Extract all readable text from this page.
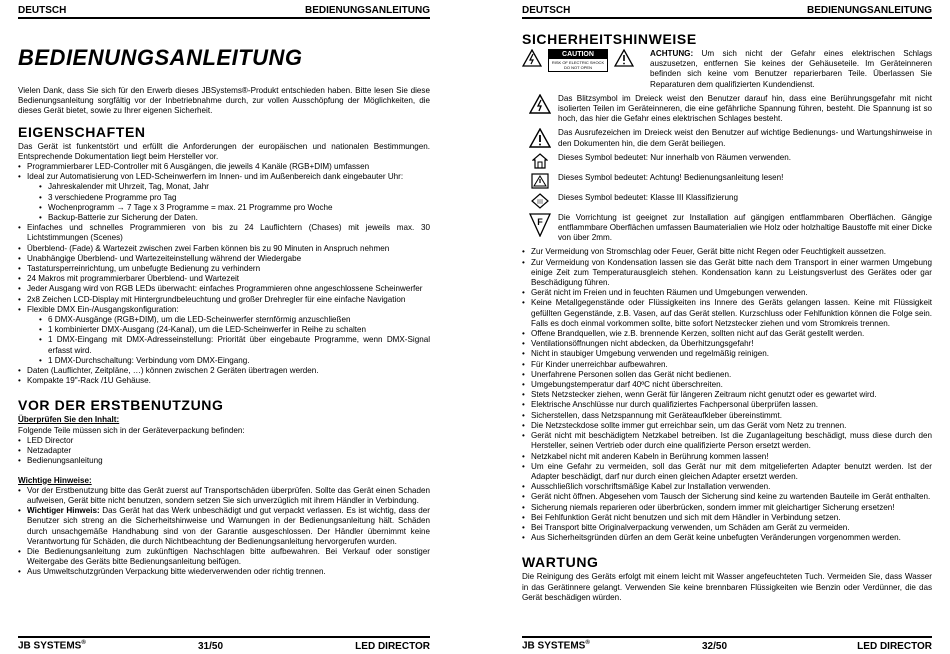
DEUTSCH	BEDIENUNGSANLEITUNG
BEDIENUNGSANLEITUNG

Vielen Dank, dass Sie sich für den Erwerb dieses JBSystems®-Produkt entschieden haben. Bitte lesen Sie diese Bedienungsanleitung sorgfältig vor der Inbetriebnahme durch, zur vollen Ausschöpfung der Möglichkeiten, die dieses Gerät bietet, sowie zu Ihrer eigenen Sicherheit.

EIGENSCHAFTEN

Das Gerät ist funkentstört und erfüllt die Anforderungen der europäischen und nationalen Bestimmungen. Entsprechende Dokumentation liegt beim Hersteller vor.

• Programmierbarer LED-Controller mit 6 Ausgängen, die jeweils 4 Kanäle (RGB+DIM) umfassen
• Ideal zur Automatisierung von LED-Scheinwerfern im Innen- und im Außenbereich dank eingebauter Uhr:
• Jahreskalender mit Uhrzeit, Tag, Monat, Jahr
• 3 verschiedene Programme pro Tag
• Wochenprogramm → 7 Tage x 3 Programme = max. 21 Programme pro Woche
• Backup-Batterie zur Sicherung der Daten.
• Einfaches und schnelles Programmieren von bis zu 24 Lauflichtern (Chases) mit jeweils max. 30 Lichtstimmungen (Scenes)
• Überblend- (Fade) & Wartezeit zwischen zwei Farben können bis zu 90 Minuten in Anspruch nehmen
• Unabhängige Überblend- und Wartezeiteinstellung während der Wiedergabe
• Tastatursperreinrichtung, um unbefugte Bedienung zu verhindern
• 24 Makros mit programmierbarer Überblend- und Wartezeit
• Jeder Ausgang wird von RGB LEDs überwacht: einfaches Programmieren ohne angeschlossene Scheinwerfer
• 2x8 Zeichen LCD-Display mit Hintergrundbeleuchtung und großer Drehregler für eine einfache Navigation
• Flexible DMX Ein-/Ausgangskonfiguration:
• 6 DMX-Ausgänge (RGB+DIM), um die LED-Scheinwerfer sternförmig anzuschließen
• 1 kombinierter DMX-Ausgang (24-Kanal), um die LED-Scheinwerfer in Reihe zu schalten
• 1 DMX-Eingang mit DMX-Adresseinstellung: Priorität über eingebaute Programme, wenn DMX-Signal erfasst wird.
• 1 DMX-Durchschaltung: Verbindung vom DMX-Eingang.
• Daten (Lauflichter, Zeitpläne, …) können zwischen 2 Geräten übertragen werden.
• Kompakte 19"-Rack /1U Gehäuse.
VOR DER ERSTBENUTZUNG
Überprüfen Sie den Inhalt:

Folgende Teile müssen sich in der Geräteverpackung befinden:

• LED Director
• Netzadapter
• Bedienungsanleitung
Wichtige Hinweise:
• Vor der Erstbenutzung bitte das Gerät zuerst auf Transportschäden überprüfen. Sollte das Gerät einen Schaden aufweisen, Gerät bitte nicht benutzen, sondern setzen Sie sich unverzüglich mit ihrem Händler in Verbindung.
• Wichtiger Hinweis: Das Gerät hat das Werk unbeschädigt und gut verpackt verlassen. Es ist wichtig, dass der Benutzer sich streng an die Sicherheitshinweise und Warnungen in der Bedienungsanleitung hält. Schäden durch unsachgemäße Handhabung sind von der Garantie ausgeschlossen. Der Händler übernimmt keine Verantwortung für Schäden, die durch Nichtbeachtung der Bedienungsanleitung hervorgerufen wurden.
• Die Bedienungsanleitung zum zukünftigen Nachschlagen bitte aufbewahren. Bei Verkauf oder sonstiger Weitergabe des Geräts bitte Bedienungsanleitung beifügen.
• Aus Umweltschutzgründen Verpackung bitte wiederverwenden oder richtig trennen.
JB SYSTEMS®	31/50	LED DIRECTOR
DEUTSCH	BEDIENUNGSANLEITUNG
SICHERHEITSHINWEISE
CAUTION
RISK OF ELECTRIC SHOCK DO NOT OPEN
ACHTUNG: Um sich nicht der Gefahr eines elektrischen Schlags auszusetzen, entfernen Sie keines der Gehäuseteile. Im Geräteinneren befinden sich keine vom Benutzer reparierbaren Teile. Überlassen Sie Reparaturen dem qualifizierten Kundendienst.
Das Blitzsymbol im Dreieck weist den Benutzer darauf hin, dass eine Berührungsgefahr mit nicht isolierten Teilen im Geräteinneren, die eine gefährliche Spannung führen, besteht. Die Spannung ist so hoch, das hier die Gefahr eines elektrischen Schlages besteht.
Das Ausrufezeichen im Dreieck weist den Benutzer auf wichtige Bedienungs- und Wartungshinweise in den Dokumenten hin, die dem Gerät beiliegen.
Dieses Symbol bedeutet: Nur innerhalb von Räumen verwenden.
Dieses Symbol bedeutet: Achtung! Bedienungsanleitung lesen!
III
Dieses Symbol bedeutet: Klasse III Klassifizierung
F Die Vorrichtung ist geeignet zur Installation auf gängigen entflammbaren Oberflächen. Gängige entflammbare Oberflächen umfassen Baumaterialien wie Holz oder holzhaltige Baustoffe mit einer Dicke von über 2mm.
• Zur Vermeidung von Stromschlag oder Feuer, Gerät bitte nicht Regen oder Feuchtigkeit aussetzen.
• Zur Vermeidung von Kondensation lassen sie das Gerät bitte nach dem Transport in einer warmen Umgebung einige Zeit zum Temperaturausgleich stehen. Kondensation kann zu Leistungsverlust des Gerätes oder gar Beschädigung führen.
• Gerät nicht im Freien und in feuchten Räumen und Umgebungen verwenden.
• Keine Metallgegenstände oder Flüssigkeiten ins Innere des Geräts gelangen lassen. Keine mit Flüssigkeit gefüllten Gegenstände, z.B. Vasen, auf das Gerät stellen. Kurzschluss oder Fehlfunktion können die Folge sein. Falls es doch einmal vorkommen sollte, bitte sofort Netzstecker ziehen und vom Stromkreis trennen.
• Offene Brandquellen, wie z.B. brennende Kerzen, sollten nicht auf das Gerät gestellt werden.
• Ventilationsöffnungen nicht abdecken, da Überhitzungsgefahr!
• Nicht in staubiger Umgebung verwenden und regelmäßig reinigen.
• Für Kinder unerreichbar aufbewahren.
• Unerfahrene Personen sollen das Gerät nicht bedienen.
• Umgebungstemperatur darf 40ºC nicht überschreiten.
• Stets Netzstecker ziehen, wenn Gerät für längeren Zeitraum nicht genutzt oder es gewartet wird.
• Elektrische Anschlüsse nur durch qualifiziertes Fachpersonal überprüfen lassen.
• Sicherstellen, dass Netzspannung mit Geräteaufkleber übereinstimmt.
• Die Netzsteckdose sollte immer gut erreichbar sein, um das Gerät vom Netz zu trennen.
• Gerät nicht mit beschädigtem Netzkabel betreiben. Ist die Zuganlageitung beschädigt, muss diese durch den Hersteller, seinen Vertrieb oder durch eine qualifizierte Person ersetzt werden.
• Netzkabel nicht mit anderen Kabeln in Berührung kommen lassen!
• Um eine Gefahr zu vermeiden, soll das Gerät nur mit dem mitgelieferten Adapter benutzt werden. Ist der Adapter beschädigt, darf nur durch einen gleichen Adapter ersetzt werden.
• Ausschließlich vorschriftsmäßige Kabel zur Installation verwenden.
• Gerät nicht öffnen. Abgesehen vom Tausch der Sicherung sind keine zu wartenden Bauteile im Gerät enthalten.
• Sicherung niemals reparieren oder überbrücken, sondern immer mit gleichartiger Sicherung ersetzen!
• Bei Fehlfunktion Gerät nicht benutzen und sich mit dem Händler in Verbindung setzen.
• Bei Transport bitte Originalverpackung verwenden, um Schäden am Gerät zu vermeiden.
• Aus Sicherheitsgründen dürfen an dem Gerät keine unbefugten Veränderungen vorgenommen werden.
WARTUNG

Die Reinigung des Geräts erfolgt mit einem leicht mit Wasser angefeuchteten Tuch. Vermeiden Sie, dass Wasser in das Gerätinnere gelangt. Verwenden Sie keine brennbaren Flüssigkeiten wie Benzin oder Verdünner, die das Gerät beschädigen würden.

JB SYSTEMS®	32/50	LED DIRECTOR
